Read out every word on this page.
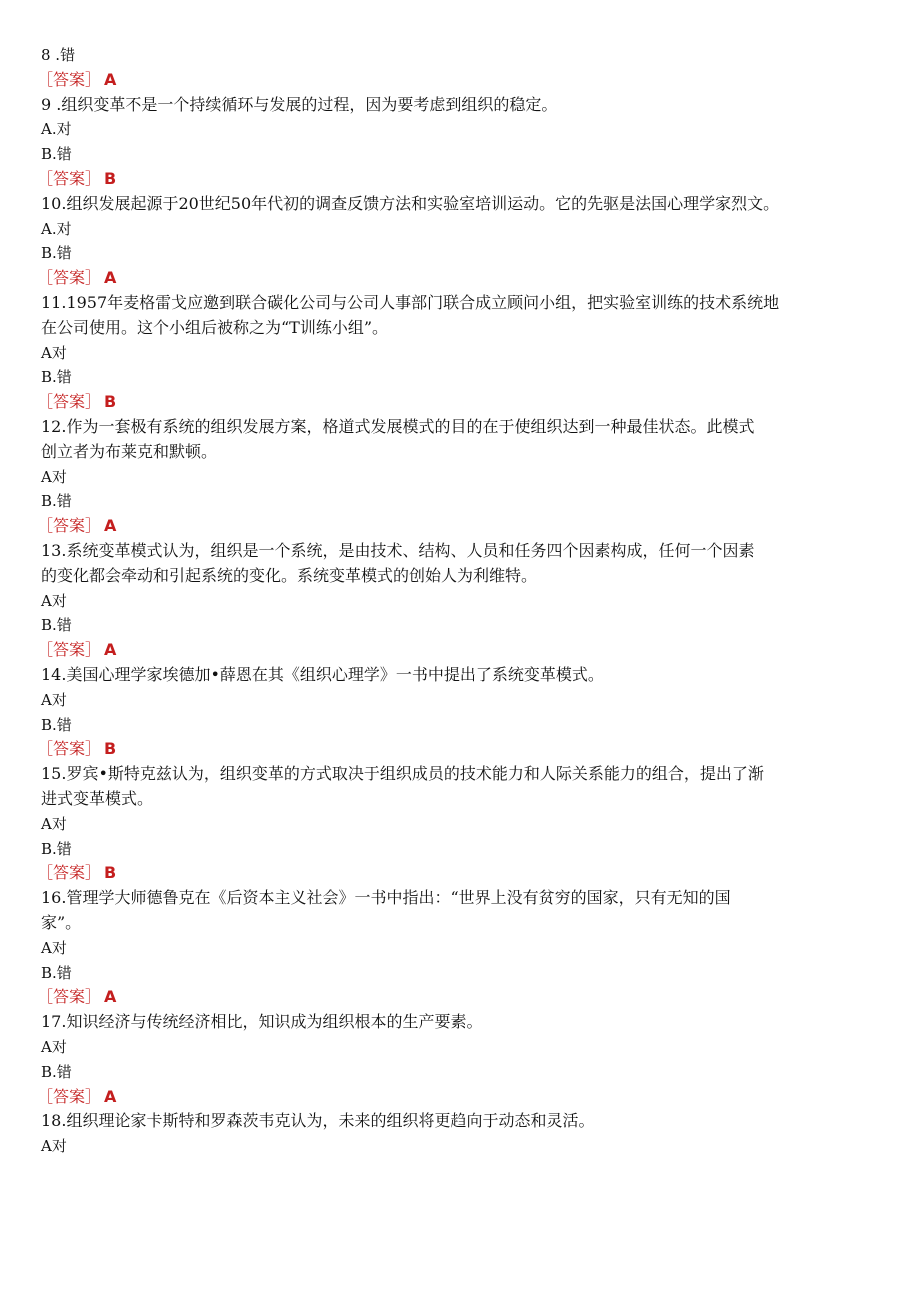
8 .错
［答案］ A
9 .组织变革不是一个持续循环与发展的过程，因为要考虑到组织的稳定。
A.对
B.错
［答案］ B
10.组织发展起源于20世纪50年代初的调查反馈方法和实验室培训运动。它的先驱是法国心理学家烈文。
A.对
B.错
［答案］ A
11.1957年麦格雷戈应邀到联合碳化公司与公司人事部门联合成立顾问小组，把实验室训练的技术系统地
在公司使用。这个小组后被称之为“T训练小组”。
A对
B.错
［答案］ B
12.作为一套极有系统的组织发展方案，格道式发展模式的目的在于使组织达到一种最佳状态。此模式
创立者为布莱克和默顿。
A对
B.错
［答案］ A
13.系统变革模式认为，组织是一个系统，是由技术、结构、人员和任务四个因素构成，任何一个因素
的变化都会牵动和引起系统的变化。系统变革模式的创始人为利维特。
A对
B.错
［答案］ A
14.美国心理学家埃德加•薛恩在其《组织心理学》一书中提出了系统变革模式。
A对
B.错
［答案］ B
15.罗宾•斯特克兹认为，组织变革的方式取决于组织成员的技术能力和人际关系能力的组合，提出了渐
进式变革模式。
A对
B.错
［答案］ B
16.管理学大师德鲁克在《后资本主义社会》一书中指出：“世界上没有贫穷的国家，只有无知的国
家”。
A对
B.错
［答案］ A
17.知识经济与传统经济相比，知识成为组织根本的生产要素。
A对
B.错
［答案］ A
18.组织理论家卡斯特和罗森茨韦克认为，未来的组织将更趋向于动态和灵活。
A对
